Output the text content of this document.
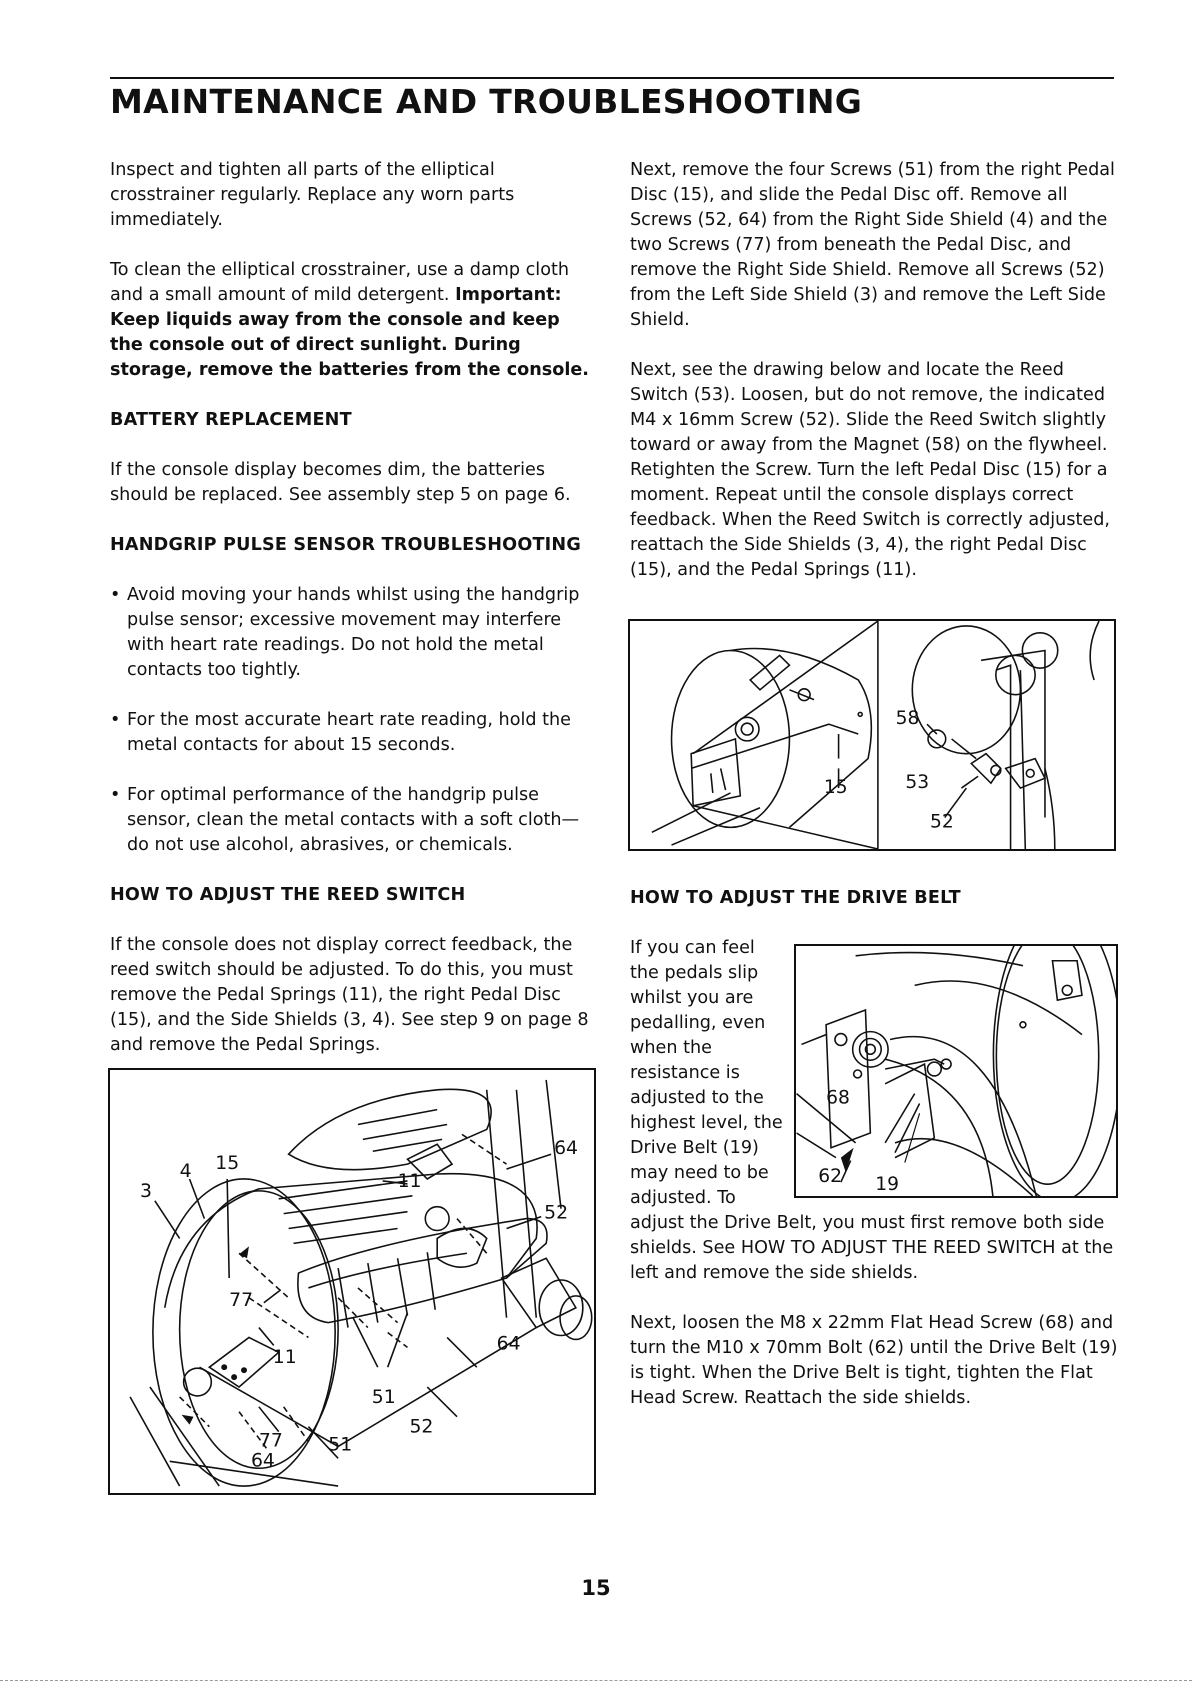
MAINTENANCE AND TROUBLESHOOTING

Inspect and tighten all parts of the elliptical crosstrainer regularly. Replace any worn parts immediately.

To clean the elliptical crosstrainer, use a damp cloth and a small amount of mild detergent. Important: Keep liquids away from the console and keep the console out of direct sunlight. During storage, remove the batteries from the console.

BATTERY REPLACEMENT

If the console display becomes dim, the batteries should be replaced. See assembly step 5 on page 6.

HANDGRIP PULSE SENSOR TROUBLESHOOTING
• Avoid moving your hands whilst using the handgrip pulse sensor; excessive movement may interfere with heart rate readings. Do not hold the metal contacts too tightly.
• For the most accurate heart rate reading, hold the metal contacts for about 15 seconds.
• For optimal performance of the handgrip pulse sensor, clean the metal contacts with a soft cloth—do not use alcohol, abrasives, or chemicals.
HOW TO ADJUST THE REED SWITCH

If the console does not display correct feedback, the reed switch should be adjusted. To do this, you must remove the Pedal Springs (11), the right Pedal Disc (15), and the Side Shields (3, 4). See step 9 on page 8 and remove the Pedal Springs.

3
4 15
11
64
52
77
11
64
51
52
77 51
64

Next, remove the four Screws (51) from the right Pedal Disc (15), and slide the Pedal Disc off. Remove all Screws (52, 64) from the Right Side Shield (4) and the two Screws (77) from beneath the Pedal Disc, and remove the Right Side Shield. Remove all Screws (52) from the Left Side Shield (3) and remove the Left Side Shield.

Next, see the drawing below and locate the Reed Switch (53). Loosen, but do not remove, the indicated M4 x 16mm Screw (52). Slide the Reed Switch slightly toward or away from the Magnet (58) on the flywheel. Retighten the Screw. Turn the left Pedal Disc (15) for a moment. Repeat until the console displays correct feedback. When the Reed Switch is correctly adjusted, reattach the Side Shields (3, 4), the right Pedal Disc (15), and the Pedal Springs (11).

58
15	53
52
HOW TO ADJUST THE DRIVE BELT
68
62 19

If you can feel the pedals slip whilst you are pedalling, even when the resistance is adjusted to the highest level, the Drive Belt (19) may need to be adjusted. To adjust the Drive Belt, you must first remove both side shields. See HOW TO ADJUST THE REED SWITCH at the left and remove the side shields.

Next, loosen the M8 x 22mm Flat Head Screw (68) and turn the M10 x 70mm Bolt (62) until the Drive Belt (19) is tight. When the Drive Belt is tight, tighten the Flat Head Screw. Reattach the side shields.

15
